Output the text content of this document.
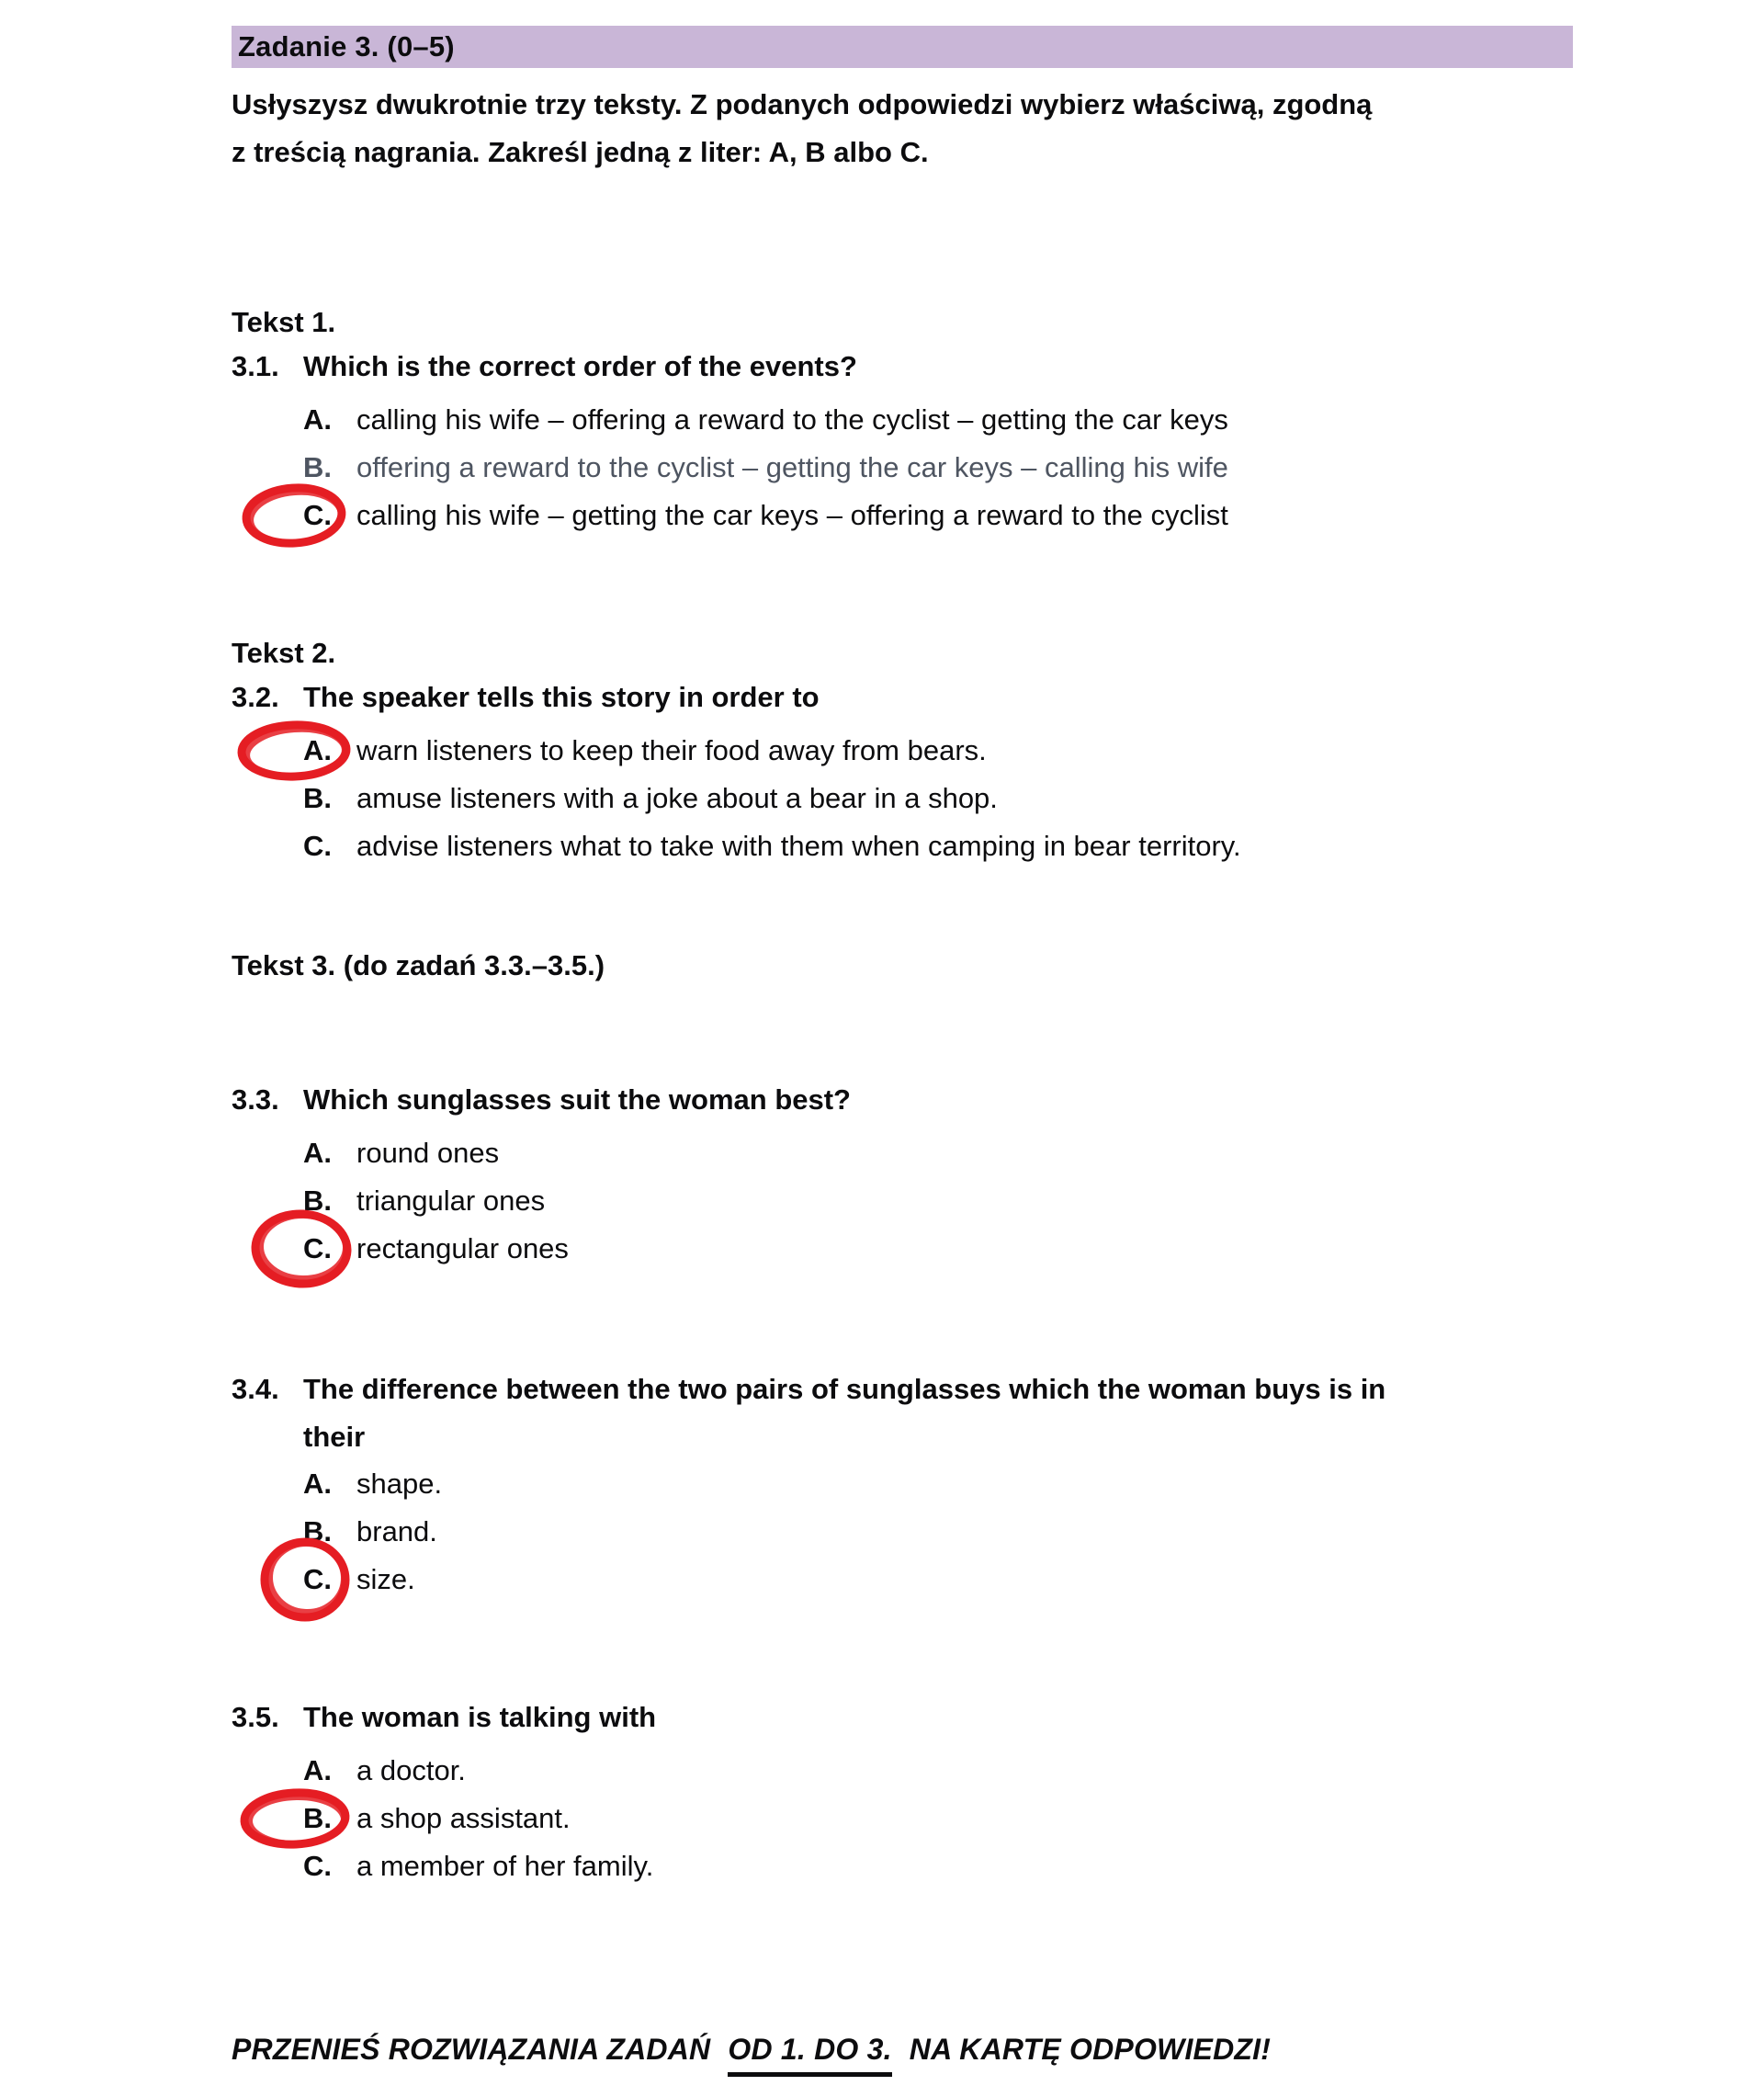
Zadanie 3. (0–5)
Usłyszysz dwukrotnie trzy teksty. Z podanych odpowiedzi wybierz właściwą, zgodną
z treścią nagrania. Zakreśl jedną z liter: A, B albo C.
Tekst 1.
3.1. Which is the correct order of the events?
A. calling his wife – offering a reward to the cyclist – getting the car keys
B. offering a reward to the cyclist – getting the car keys – calling his wife
C. calling his wife – getting the car keys – offering a reward to the cyclist
Tekst 2.
3.2. The speaker tells this story in order to
A. warn listeners to keep their food away from bears.
B. amuse listeners with a joke about a bear in a shop.
C. advise listeners what to take with them when camping in bear territory.
Tekst 3. (do zadań 3.3.–3.5.)
3.3. Which sunglasses suit the woman best?
A. round ones
B. triangular ones
C. rectangular ones
3.4. The difference between the two pairs of sunglasses which the woman buys is in
their
A. shape.
B. brand.
C. size.
3.5. The woman is talking with
A. a doctor.
B. a shop assistant.
C. a member of her family.
PRZENIEŚ ROZWIĄZANIA ZADAŃ OD 1. DO 3. NA KARTĘ ODPOWIEDZI!
